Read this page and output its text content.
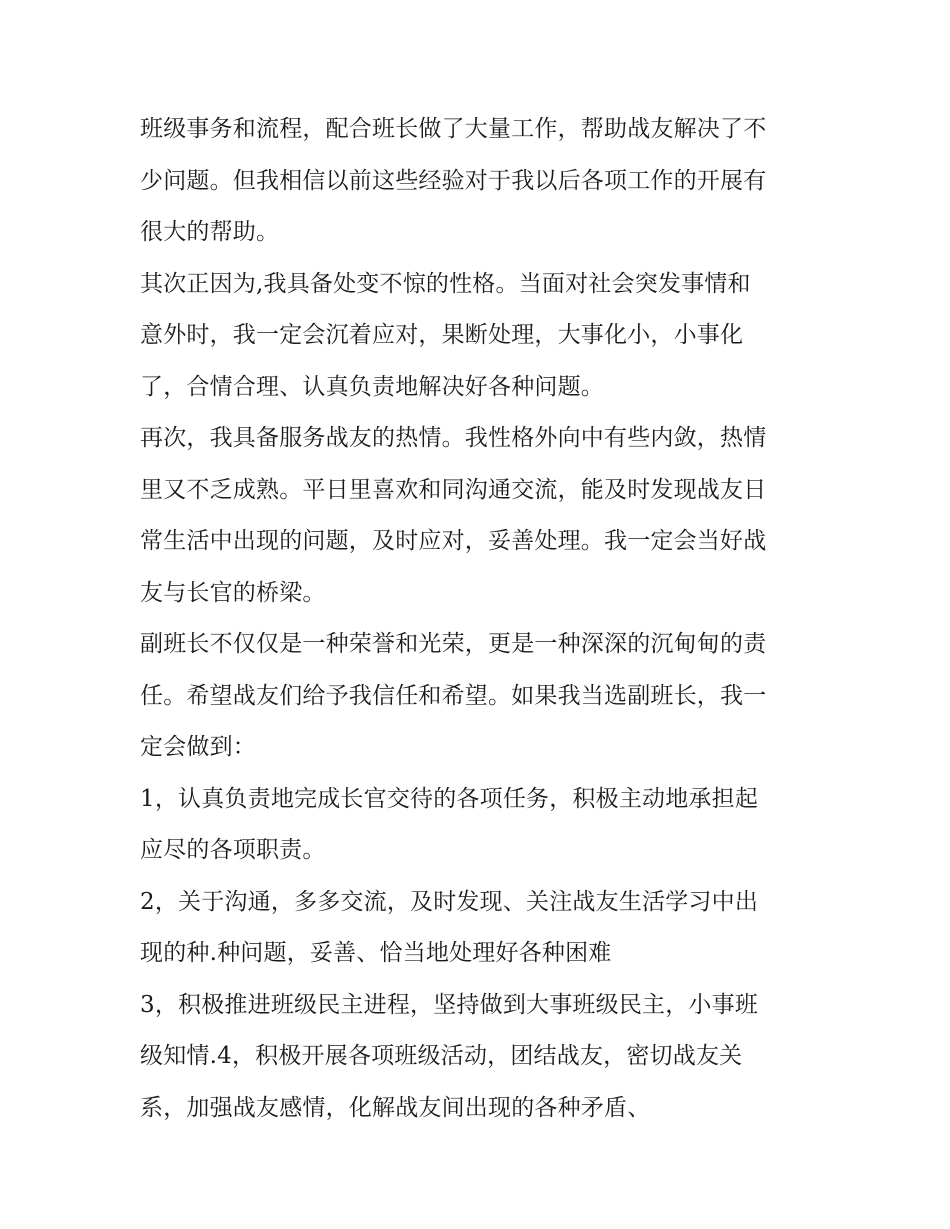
班级事务和流程，配合班长做了大量工作，帮助战友解决了不
少问题。但我相信以前这些经验对于我以后各项工作的开展有
很大的帮助。
其次正因为,我具备处变不惊的性格。当面对社会突发事情和
意外时，我一定会沉着应对，果断处理，大事化小，小事化
了，合情合理、认真负责地解决好各种问题。
再次，我具备服务战友的热情。我性格外向中有些内敛，热情
里又不乏成熟。平日里喜欢和同沟通交流，能及时发现战友日
常生活中出现的问题，及时应对，妥善处理。我一定会当好战
友与长官的桥梁。
副班长不仅仅是一种荣誉和光荣，更是一种深深的沉甸甸的责
任。希望战友们给予我信任和希望。如果我当选副班长，我一
定会做到：
1，认真负责地完成长官交待的各项任务，积极主动地承担起
应尽的各项职责。
2，关于沟通，多多交流，及时发现、关注战友生活学习中出
现的种.种问题，妥善、恰当地处理好各种困难
3，积极推进班级民主进程，坚持做到大事班级民主，小事班
级知情.4，积极开展各项班级活动，团结战友，密切战友关
系，加强战友感情，化解战友间出现的各种矛盾、
